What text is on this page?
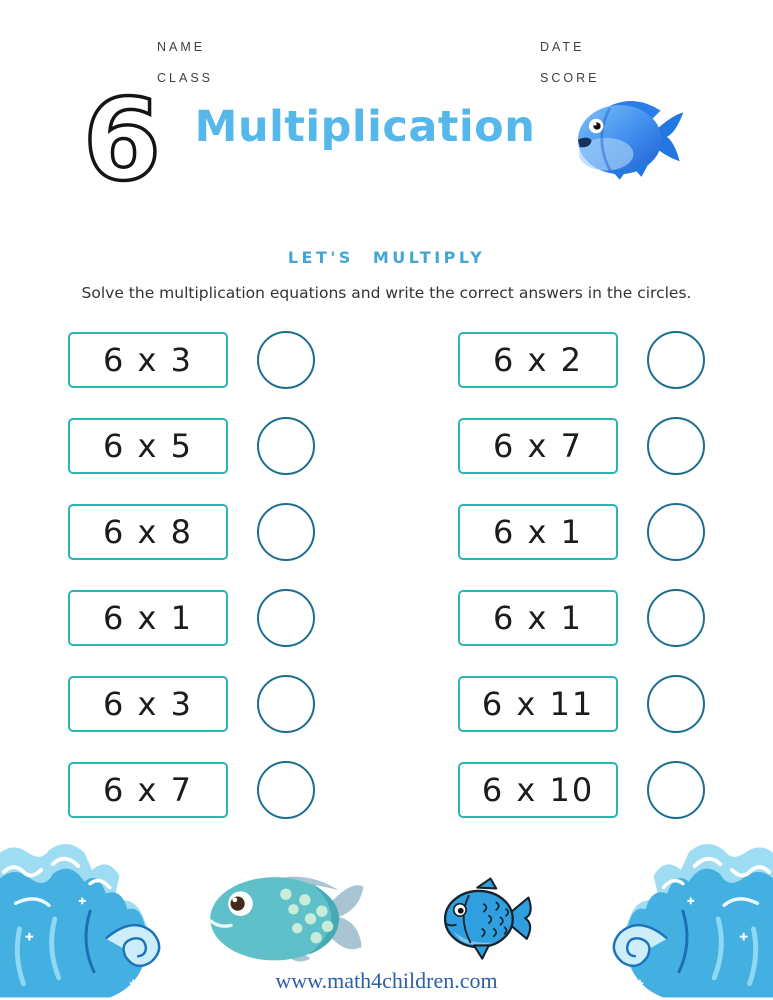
NAME
CLASS
DATE
SCORE
6 Multiplication
LET'S MULTIPLY
Solve the multiplication equations and write the correct answers in the circles.
6 x 3
6 x 5
6 x 8
6 x 1
6 x 3
6 x 7
6 x 2
6 x 7
6 x 1
6 x 1
6 x 11
6 x 10
www.math4children.com
